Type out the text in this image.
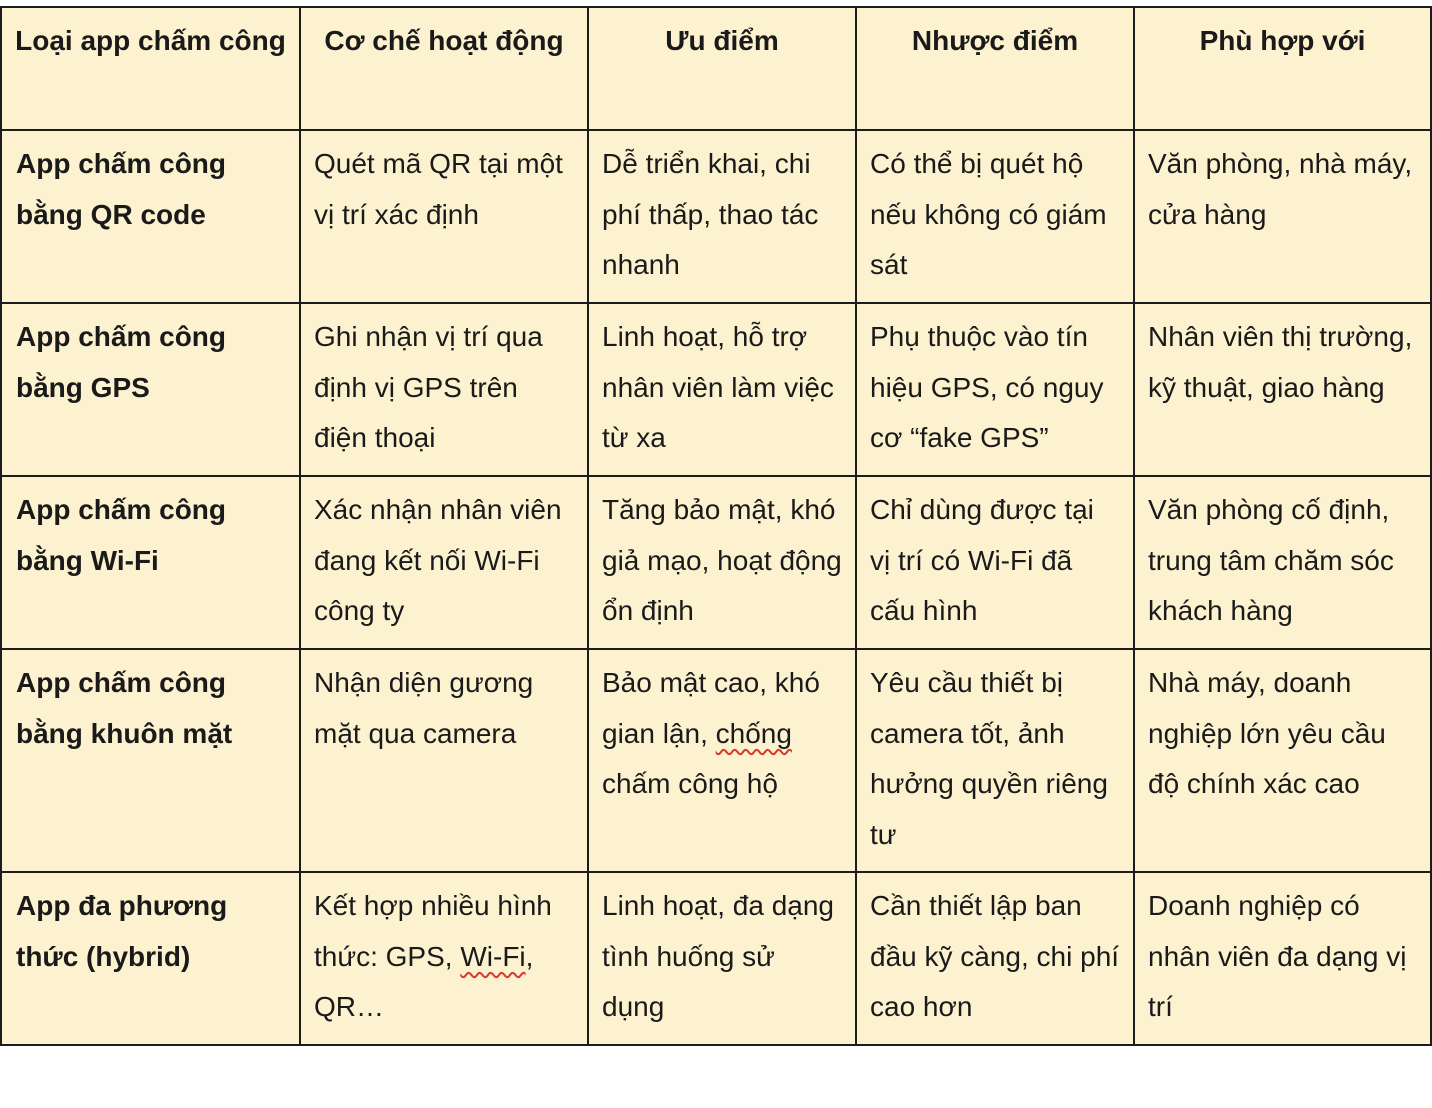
Loại app chấm công	Cơ chế hoạt động	Ưu điểm	Nhược điểm	Phù hợp với
App chấm công bằng QR code	Quét mã QR tại một vị trí xác định	Dễ triển khai, chi phí thấp, thao tác nhanh	Có thể bị quét hộ nếu không có giám sát	Văn phòng, nhà máy, cửa hàng
App chấm công bằng GPS	Ghi nhận vị trí qua định vị GPS trên điện thoại	Linh hoạt, hỗ trợ nhân viên làm việc từ xa	Phụ thuộc vào tín hiệu GPS, có nguy cơ “fake GPS”	Nhân viên thị trường, kỹ thuật, giao hàng
App chấm công bằng Wi-Fi	Xác nhận nhân viên đang kết nối Wi-Fi công ty	Tăng bảo mật, khó giả mạo, hoạt động ổn định	Chỉ dùng được tại vị trí có Wi-Fi đã cấu hình	Văn phòng cố định, trung tâm chăm sóc khách hàng
App chấm công bằng khuôn mặt	Nhận diện gương mặt qua camera	Bảo mật cao, khó gian lận, chống chấm công hộ	Yêu cầu thiết bị camera tốt, ảnh hưởng quyền riêng tư	Nhà máy, doanh nghiệp lớn yêu cầu độ chính xác cao
App đa phương thức (hybrid)	Kết hợp nhiều hình thức: GPS, Wi-Fi, QR…	Linh hoạt, đa dạng tình huống sử dụng	Cần thiết lập ban đầu kỹ càng, chi phí cao hơn	Doanh nghiệp có nhân viên đa dạng vị trí
